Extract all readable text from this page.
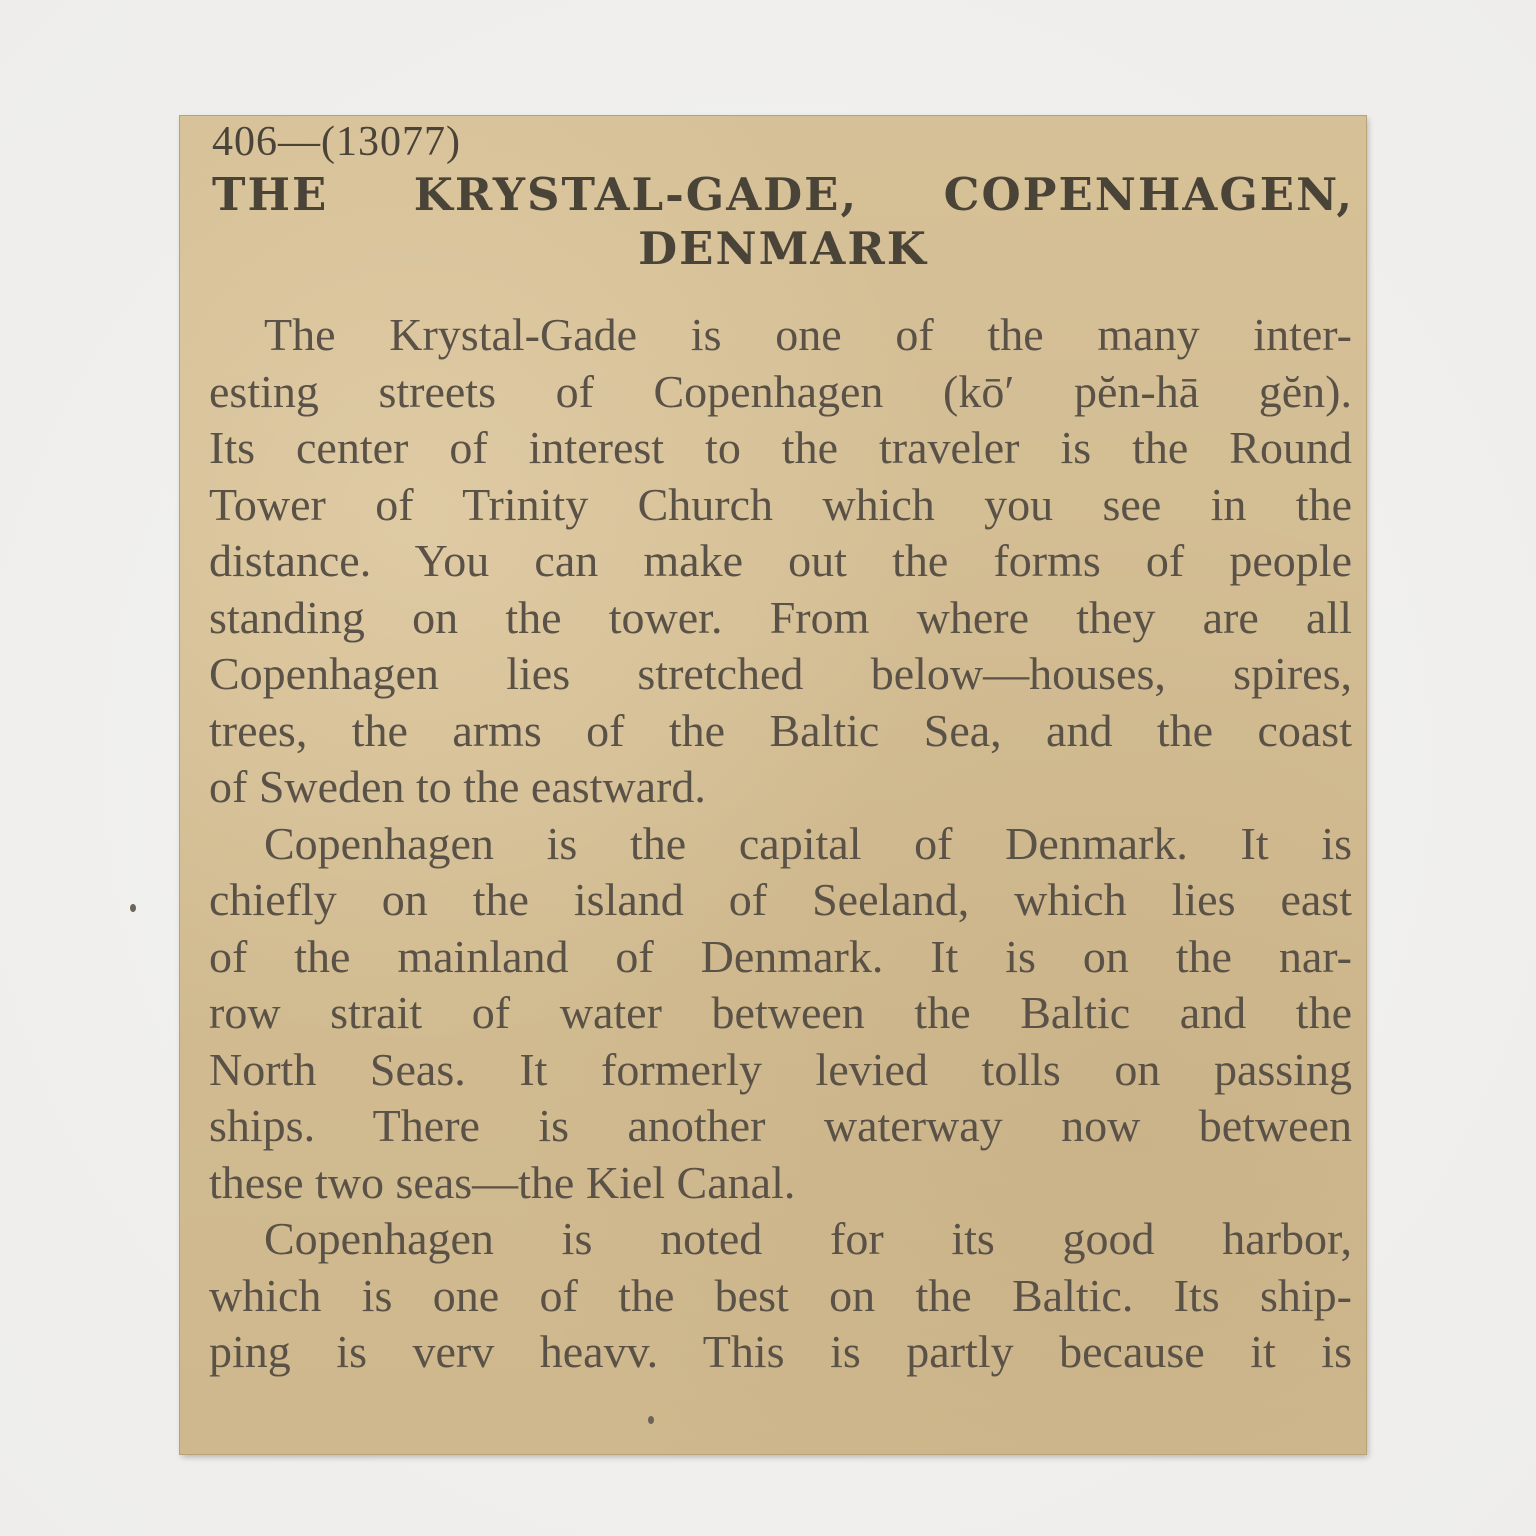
406—(13077)
THE KRYSTAL-GADE, COPENHAGEN,
DENMARK
The Krystal-Gade is one of the many inter-
esting streets of Copenhagen (kō′ pĕn-hā gĕn).
Its center of interest to the traveler is the Round
Tower of Trinity Church which you see in the
distance. You can make out the forms of people
standing on the tower. From where they are all
Copenhagen lies stretched below—houses, spires,
trees, the arms of the Baltic Sea, and the coast
of Sweden to the eastward.
Copenhagen is the capital of Denmark. It is
chiefly on the island of Seeland, which lies east
of the mainland of Denmark. It is on the nar-
row strait of water between the Baltic and the
North Seas. It formerly levied tolls on passing
ships. There is another waterway now between
these two seas—the Kiel Canal.
Copenhagen is noted for its good harbor,
which is one of the best on the Baltic. Its ship-
ping is verv heavv. This is partly because it is
